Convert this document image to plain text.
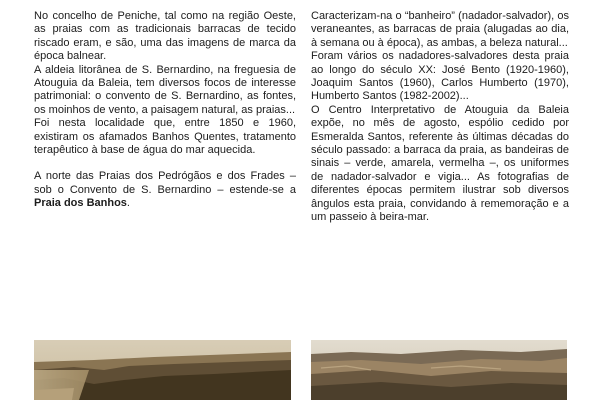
No concelho de Peniche, tal como na região Oeste, as praias com as tradicionais barracas de tecido riscado eram, e são, uma das imagens de marca da época balnear.

A aldeia litorânea de S. Bernardino, na freguesia de Atouguia da Baleia, tem diversos focos de interesse patrimonial: o convento de S. Bernardino, as fontes, os moinhos de vento, a paisagem natural, as praias...

Foi nesta localidade que, entre 1850 e 1960, existiram os afamados Banhos Quentes, tratamento terapêutico à base de água do mar aquecida.

A norte das Praias dos Pedrógãos e dos Frades – sob o Convento de S. Bernardino – estende-se a Praia dos Banhos.

Caracterizam-na o “banheiro” (nadador-salvador), os veraneantes, as barracas de praia (alugadas ao dia, à semana ou à época), as ambas, a beleza natural...

Foram vários os nadadores-salvadores desta praia ao longo do século XX: José Bento (1920-1960), Joaquim Santos (1960), Carlos Humberto (1970), Humberto Santos (1982-2002)...

O Centro Interpretativo de Atouguia da Baleia expõe, no mês de agosto, espólio cedido por Esmeralda Santos, referente às últimas décadas do século passado: a barraca da praia, as bandeiras de sinais – verde, amarela, vermelha –, os uniformes de nadador-salvador e vigia... As fotografias de diferentes épocas permitem ilustrar sob diversos ângulos esta praia, convidando à rememoração e a um passeio à beira-mar.
